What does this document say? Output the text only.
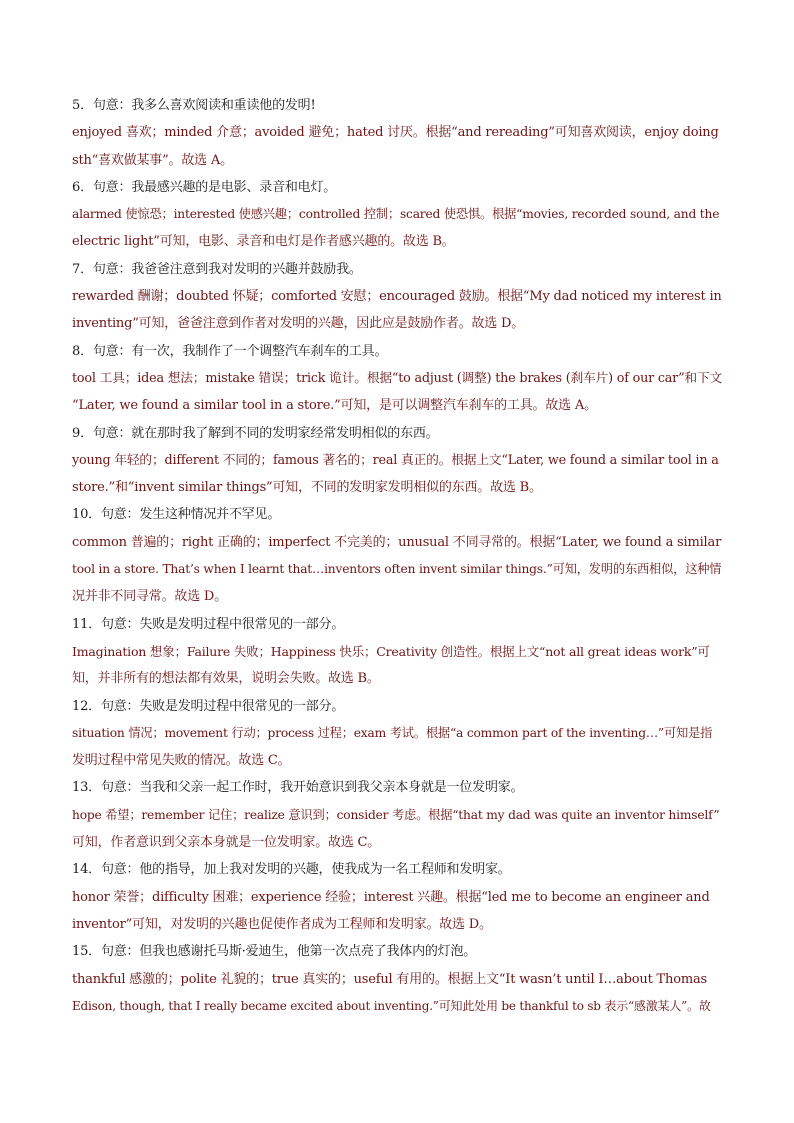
5．句意：我多么喜欢阅读和重读他的发明!
enjoyed 喜欢；minded 介意；avoided 避免；hated 讨厌。根据“and rereading”可知喜欢阅读，enjoy doing
sth“喜欢做某事”。故选 A。
6．句意：我最感兴趣的是电影、录音和电灯。
alarmed 使惊恐；interested 使感兴趣；controlled 控制；scared 使恐惧。根据“movies, recorded sound, and the
electric light”可知，电影、录音和电灯是作者感兴趣的。故选 B。
7．句意：我爸爸注意到我对发明的兴趣并鼓励我。
rewarded 酬谢；doubted 怀疑；comforted 安慰；encouraged 鼓励。根据“My dad noticed my interest in
inventing”可知，爸爸注意到作者对发明的兴趣，因此应是鼓励作者。故选 D。
8．句意：有一次，我制作了一个调整汽车刹车的工具。
tool 工具；idea 想法；mistake 错误；trick 诡计。根据“to adjust (调整) the brakes (刹车片) of our car”和下文
“Later, we found a similar tool in a store.”可知，是可以调整汽车刹车的工具。故选 A。
9．句意：就在那时我了解到不同的发明家经常发明相似的东西。
young 年轻的；different 不同的；famous 著名的；real 真正的。根据上文“Later, we found a similar tool in a
store.”和“invent similar things”可知，不同的发明家发明相似的东西。故选 B。
10．句意：发生这种情况并不罕见。
common 普遍的；right 正确的；imperfect 不完美的；unusual 不同寻常的。根据“Later, we found a similar
tool in a store. That’s when I learnt that…inventors often invent similar things.”可知，发明的东西相似，这种情
况并非不同寻常。故选 D。
11．句意：失败是发明过程中很常见的一部分。
Imagination 想象；Failure 失败；Happiness 快乐；Creativity 创造性。根据上文“not all great ideas work”可
知，并非所有的想法都有效果，说明会失败。故选 B。
12．句意：失败是发明过程中很常见的一部分。
situation 情况；movement 行动；process 过程；exam 考试。根据“a common part of the inventing…”可知是指
发明过程中常见失败的情况。故选 C。
13．句意：当我和父亲一起工作时，我开始意识到我父亲本身就是一位发明家。
hope 希望；remember 记住；realize 意识到；consider 考虑。根据“that my dad was quite an inventor himself”
可知，作者意识到父亲本身就是一位发明家。故选 C。
14．句意：他的指导，加上我对发明的兴趣，使我成为一名工程师和发明家。
honor 荣誉；difficulty 困难；experience 经验；interest 兴趣。根据“led me to become an engineer and
inventor”可知，对发明的兴趣也促使作者成为工程师和发明家。故选 D。
15．句意：但我也感谢托马斯·爱迪生，他第一次点亮了我体内的灯泡。
thankful 感激的；polite 礼貌的；true 真实的；useful 有用的。根据上文“It wasn’t until I…about Thomas
Edison, though, that I really became excited about inventing.”可知此处用 be thankful to sb 表示“感激某人”。故
